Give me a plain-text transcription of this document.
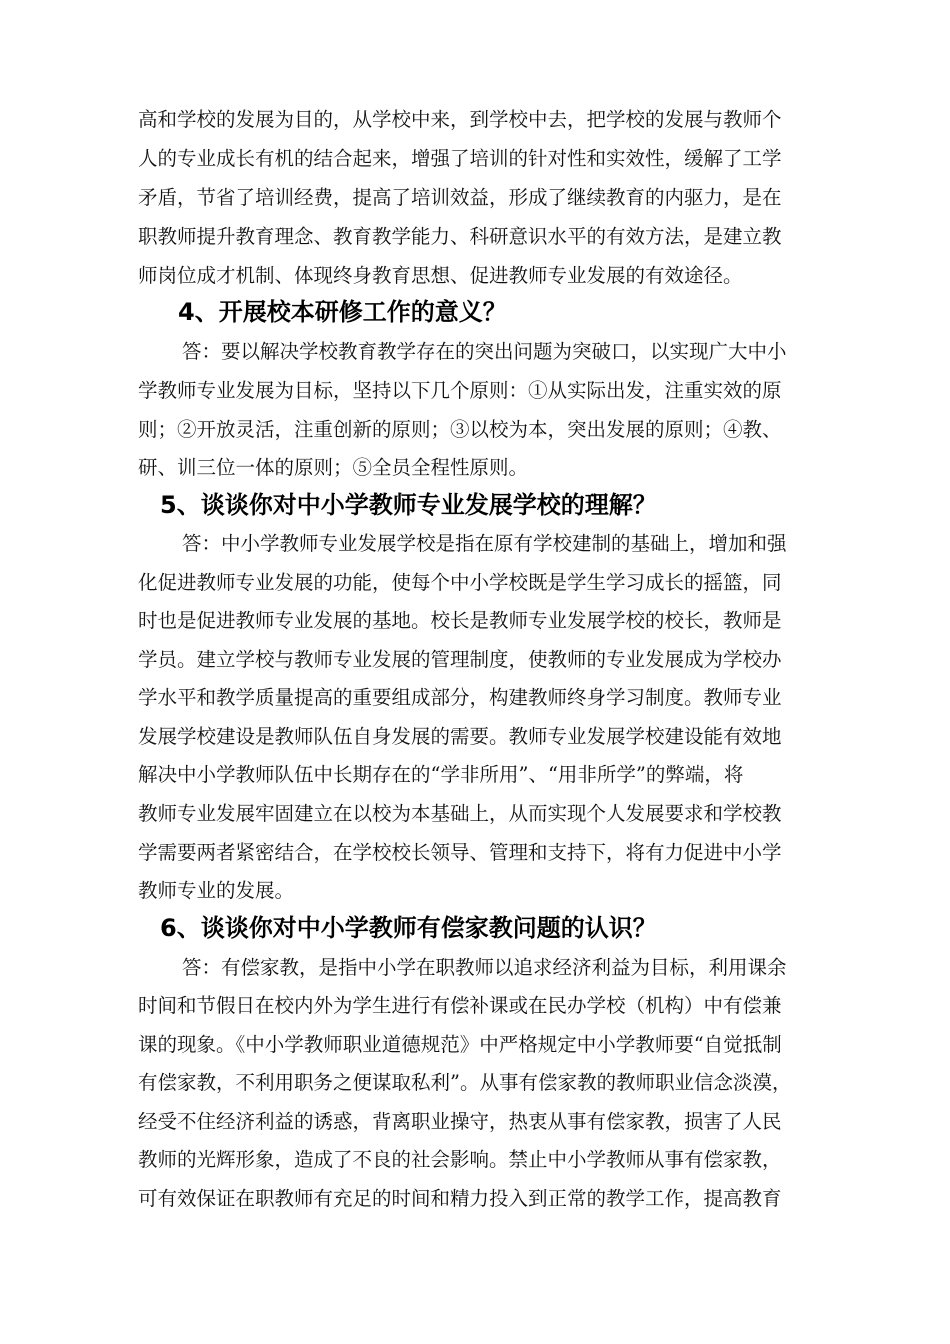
高和学校的发展为目的，从学校中来，到学校中去，把学校的发展与教师个
人的专业成长有机的结合起来，增强了培训的针对性和实效性，缓解了工学
矛盾，节省了培训经费，提高了培训效益，形成了继续教育的内驱力，是在
职教师提升教育理念、教育教学能力、科研意识水平的有效方法，是建立教
师岗位成才机制、体现终身教育思想、促进教师专业发展的有效途径。
4、开展校本研修工作的意义？
答：要以解决学校教育教学存在的突出问题为突破口，以实现广大中小
学教师专业发展为目标，坚持以下几个原则：①从实际出发，注重实效的原
则；②开放灵活，注重创新的原则；③以校为本，突出发展的原则；④教、
研、训三位一体的原则；⑤全员全程性原则。
5、谈谈你对中小学教师专业发展学校的理解？
答：中小学教师专业发展学校是指在原有学校建制的基础上，增加和强
化促进教师专业发展的功能，使每个中小学校既是学生学习成长的摇篮，同
时也是促进教师专业发展的基地。校长是教师专业发展学校的校长，教师是
学员。建立学校与教师专业发展的管理制度，使教师的专业发展成为学校办
学水平和教学质量提高的重要组成部分，构建教师终身学习制度。教师专业
发展学校建设是教师队伍自身发展的需要。教师专业发展学校建设能有效地
解决中小学教师队伍中长期存在的“学非所用”、“用非所学”的弊端，将
教师专业发展牢固建立在以校为本基础上，从而实现个人发展要求和学校教
学需要两者紧密结合，在学校校长领导、管理和支持下，将有力促进中小学
教师专业的发展。
6、谈谈你对中小学教师有偿家教问题的认识？
答：有偿家教，是指中小学在职教师以追求经济利益为目标，利用课余
时间和节假日在校内外为学生进行有偿补课或在民办学校（机构）中有偿兼
课的现象。《中小学教师职业道德规范》中严格规定中小学教师要“自觉抵制
有偿家教，不利用职务之便谋取私利”。从事有偿家教的教师职业信念淡漠，
经受不住经济利益的诱惑，背离职业操守，热衷从事有偿家教，损害了人民
教师的光辉形象，造成了不良的社会影响。禁止中小学教师从事有偿家教，
可有效保证在职教师有充足的时间和精力投入到正常的教学工作，提高教育
